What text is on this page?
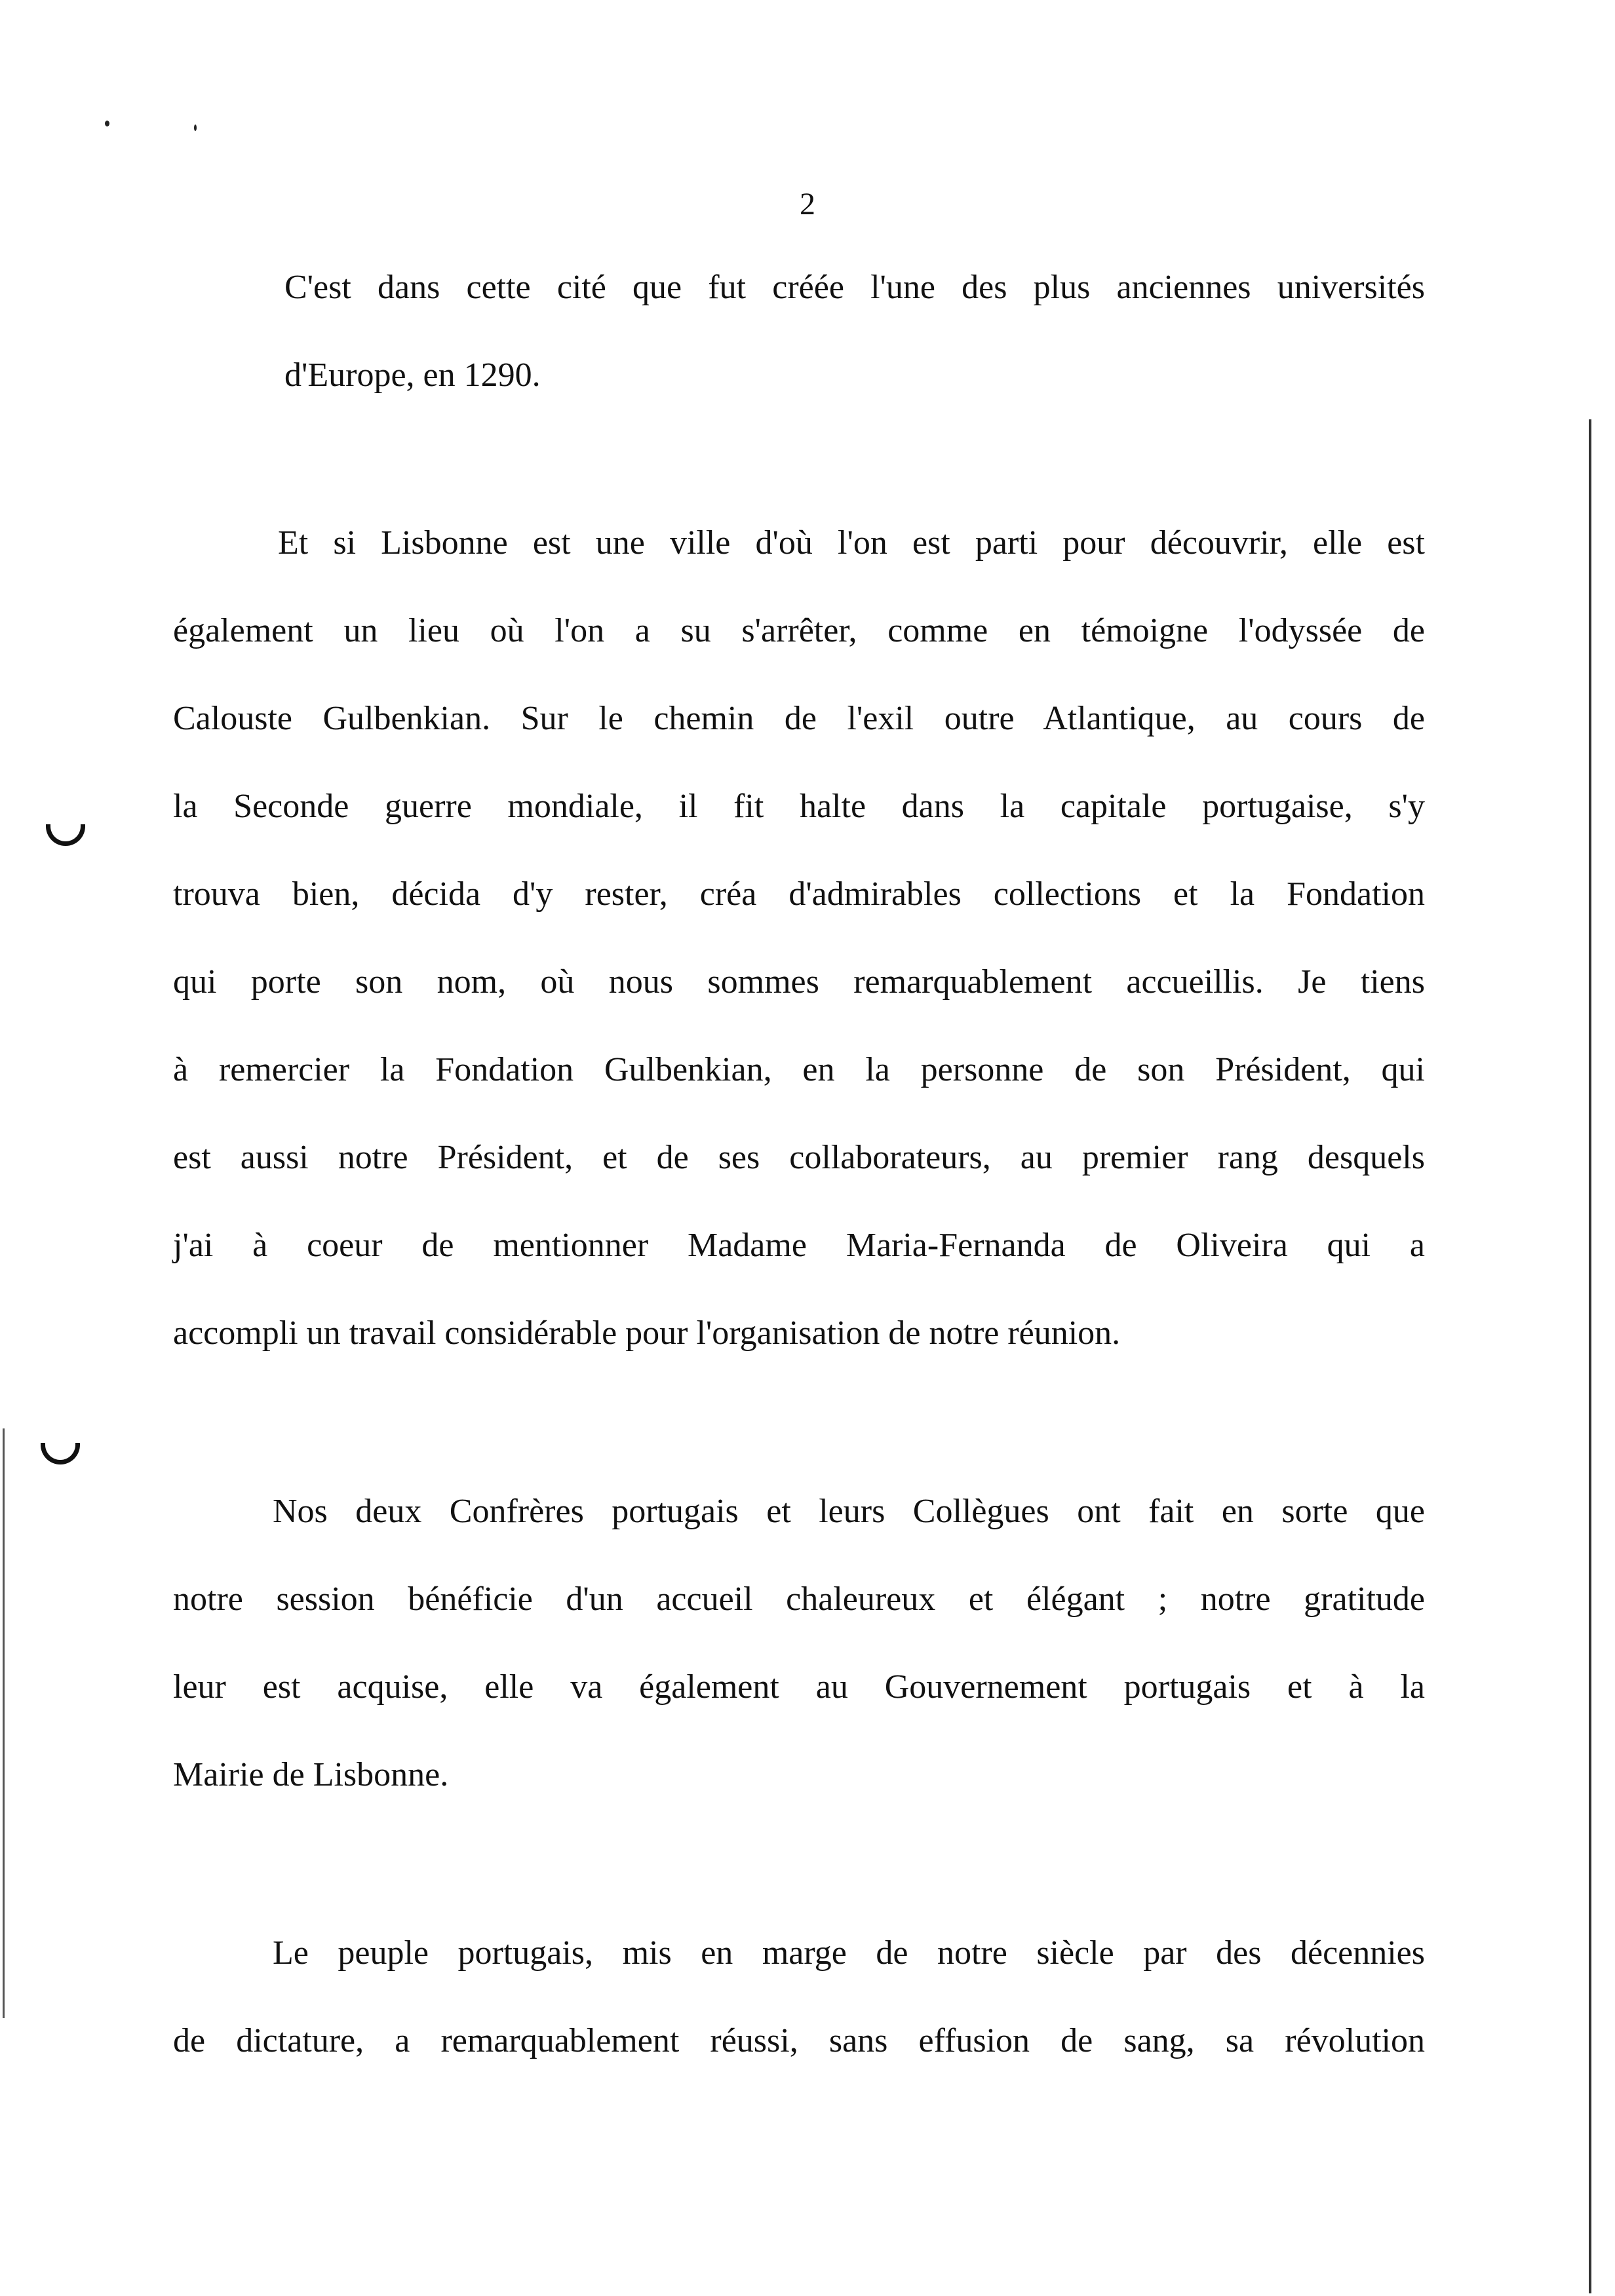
2
C'est dans cette cité que fut créée l'une des plus anciennes universités
d'Europe, en 1290.
Et si Lisbonne est une ville d'où l'on est parti pour découvrir, elle est
également un lieu où l'on a su s'arrêter, comme en témoigne l'odyssée de
Calouste Gulbenkian. Sur le chemin de l'exil outre Atlantique, au cours de
la Seconde guerre mondiale, il fit halte dans la capitale portugaise, s'y
trouva bien, décida d'y rester, créa d'admirables collections et la Fondation
qui porte son nom, où nous sommes remarquablement accueillis. Je tiens
à remercier la Fondation Gulbenkian, en la personne de son Président, qui
est aussi notre Président, et de ses collaborateurs, au premier rang desquels
j'ai à coeur de mentionner Madame Maria-Fernanda de Oliveira qui a
accompli un travail considérable pour l'organisation de notre réunion.
Nos deux Confrères portugais et leurs Collègues ont fait en sorte que
notre session bénéficie d'un accueil chaleureux et élégant ; notre gratitude
leur est acquise, elle va également au Gouvernement portugais et à la
Mairie de Lisbonne.
Le peuple portugais, mis en marge de notre siècle par des décennies
de dictature, a remarquablement réussi, sans effusion de sang, sa révolution
